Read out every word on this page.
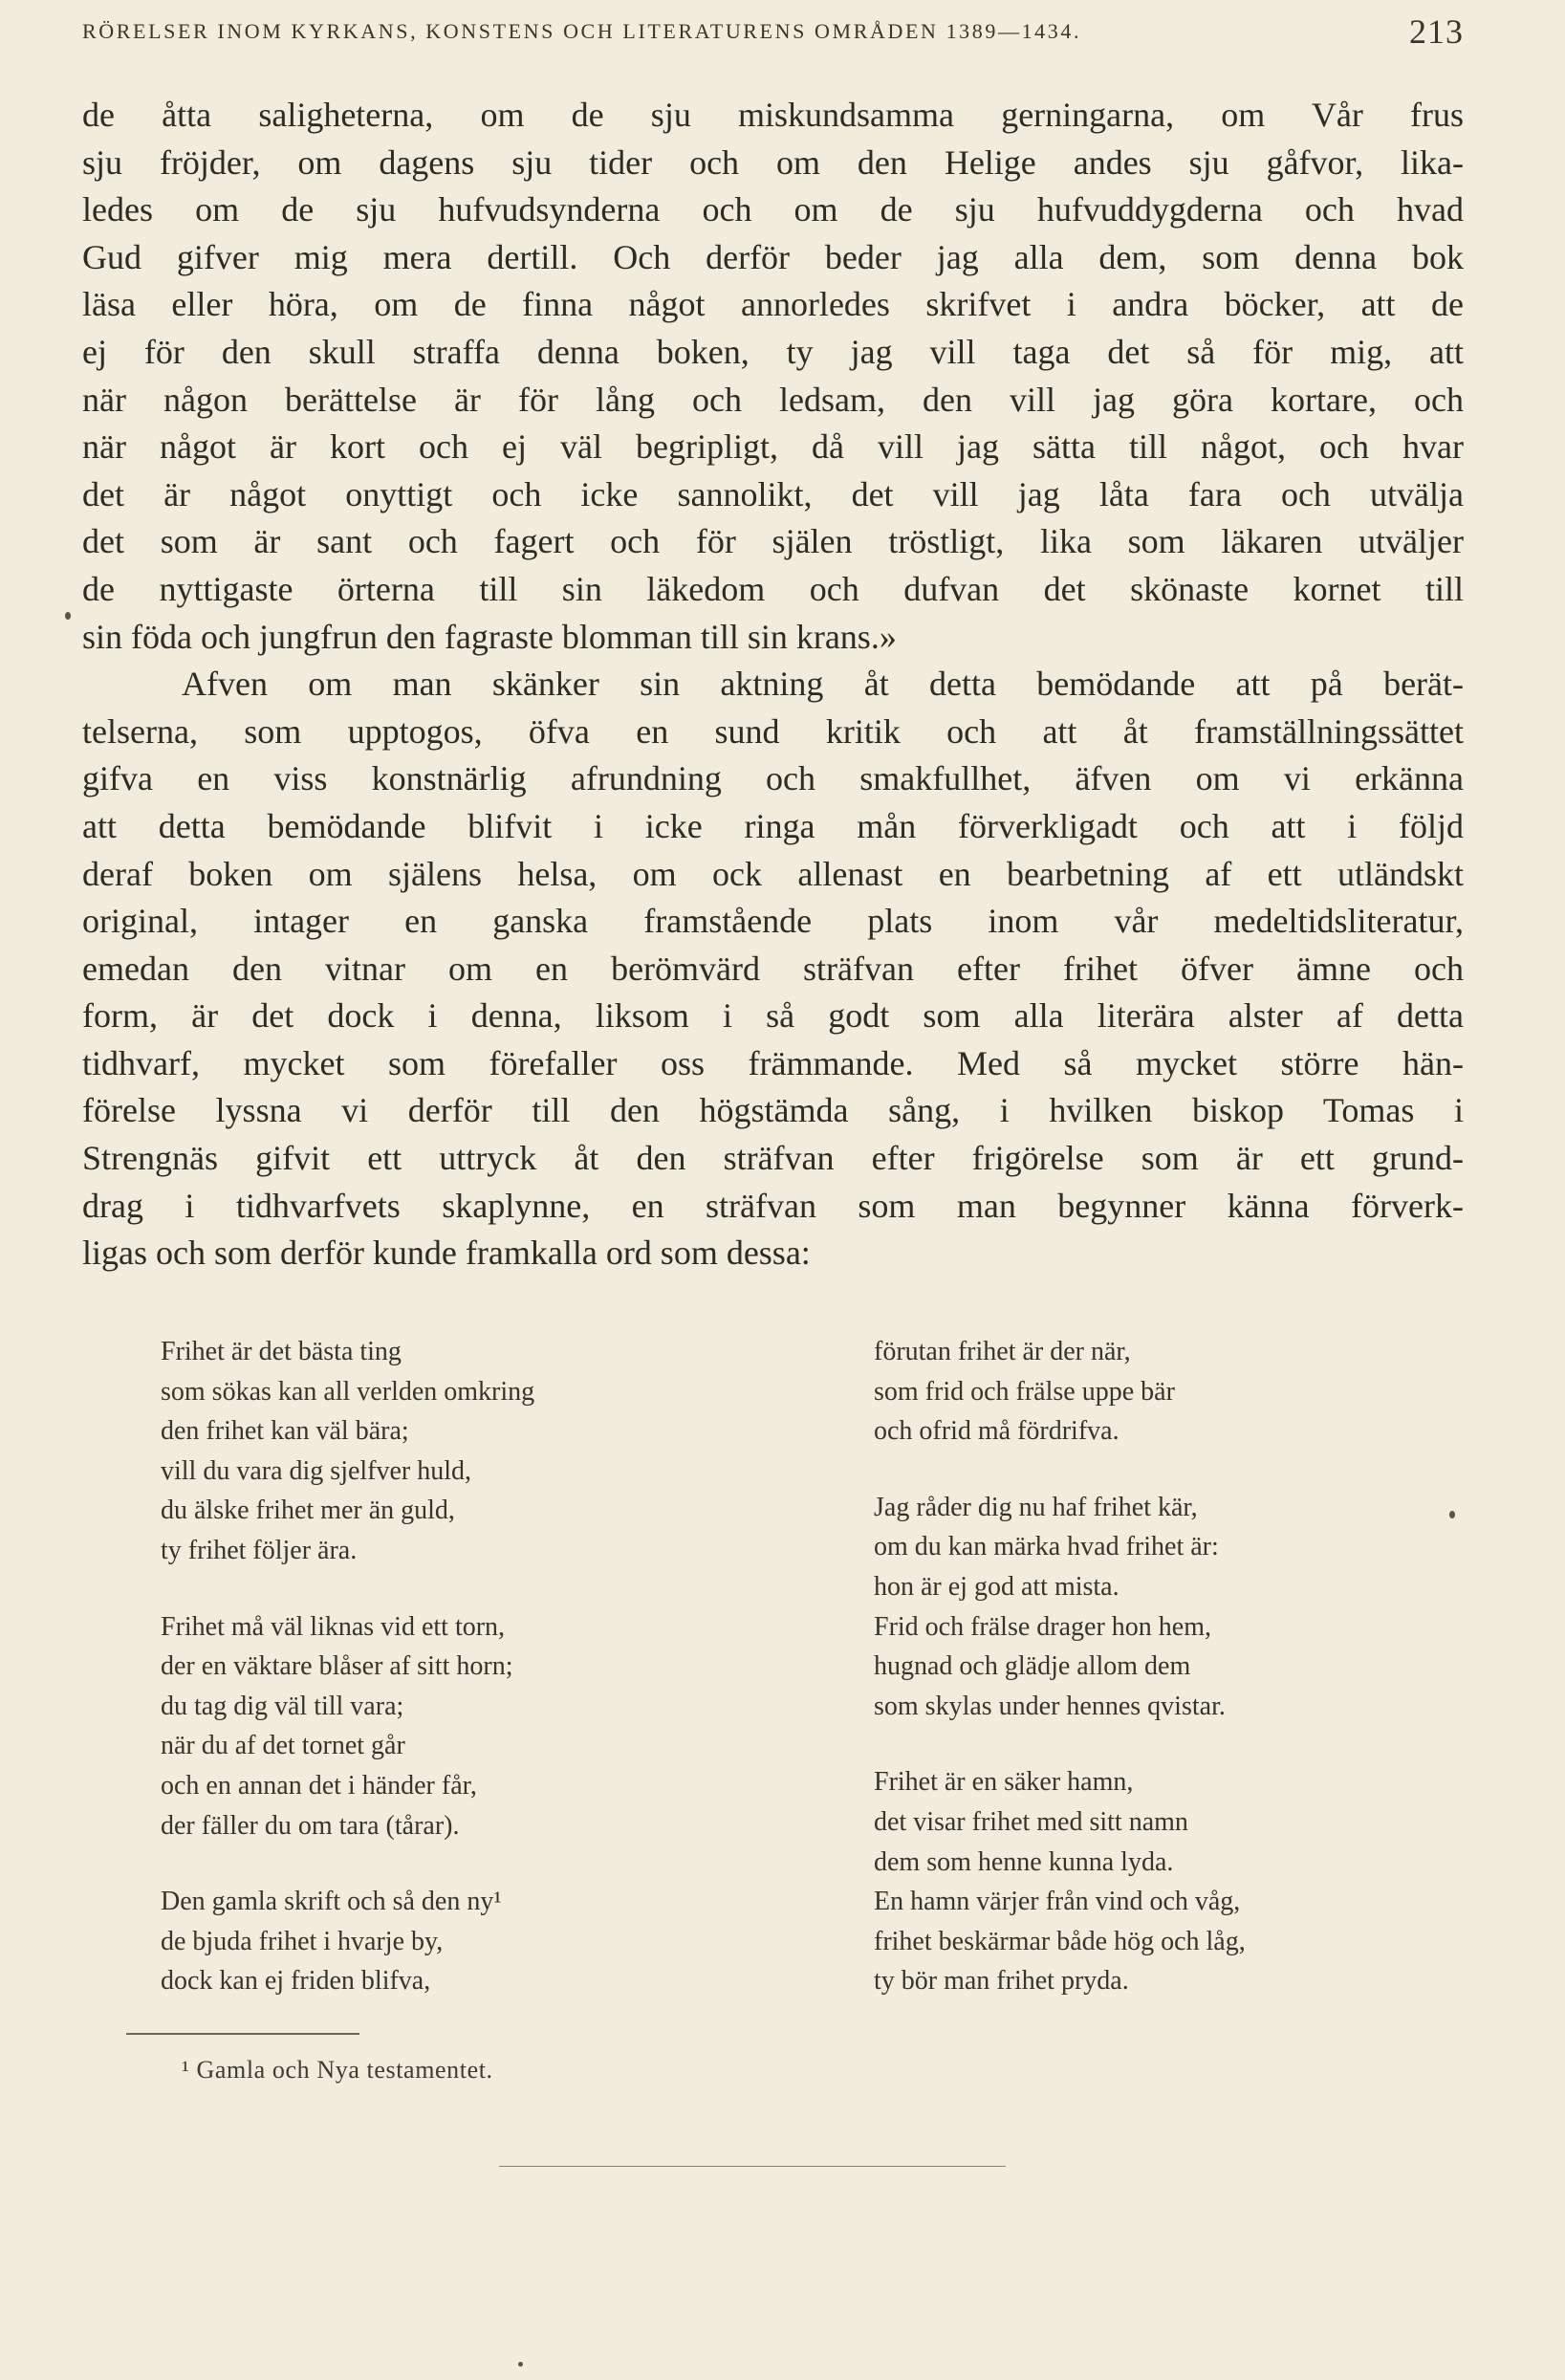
RÖRELSER INOM KYRKANS, KONSTENS OCH LITERATURENS OMRÅDEN 1389—1434.	213
de åtta saligheterna, om de sju miskundsamma gerningarna, om Vår frus
sju fröjder, om dagens sju tider och om den Helige andes sju gåfvor, lika-
ledes om de sju hufvudsynderna och om de sju hufvuddygderna och hvad
Gud gifver mig mera dertill. Och derför beder jag alla dem, som denna bok
läsa eller höra, om de finna något annorledes skrifvet i andra böcker, att de
ej för den skull straffa denna boken, ty jag vill taga det så för mig, att
när någon berättelse är för lång och ledsam, den vill jag göra kortare, och
när något är kort och ej väl begripligt, då vill jag sätta till något, och hvar
det är något onyttigt och icke sannolikt, det vill jag låta fara och utvälja
det som är sant och fagert och för själen tröstligt, lika som läkaren utväljer
de nyttigaste örterna till sin läkedom och dufvan det skönaste kornet till
sin föda och jungfrun den fagraste blomman till sin krans.»
Afven om man skänker sin aktning åt detta bemödande att på berät-
telserna, som upptogos, öfva en sund kritik och att åt framställningssättet
gifva en viss konstnärlig afrundning och smakfullhet, äfven om vi erkänna
att detta bemödande blifvit i icke ringa mån förverkligadt och att i följd
deraf boken om själens helsa, om ock allenast en bearbetning af ett utländskt
original, intager en ganska framstående plats inom vår medeltidsliteratur,
emedan den vitnar om en berömvärd sträfvan efter frihet öfver ämne och
form, är det dock i denna, liksom i så godt som alla literära alster af detta
tidhvarf, mycket som förefaller oss främmande. Med så mycket större hän-
förelse lyssna vi derför till den högstämda sång, i hvilken biskop Tomas i
Strengnäs gifvit ett uttryck åt den sträfvan efter frigörelse som är ett grund-
drag i tidhvarfvets skaplynne, en sträfvan som man begynner känna förverk-
ligas och som derför kunde framkalla ord som dessa:
Frihet är det bästa ting
som sökas kan all verlden omkring
den frihet kan väl bära;
vill du vara dig sjelfver huld,
du älske frihet mer än guld,
ty frihet följer ära.
Frihet må väl liknas vid ett torn,
der en väktare blåser af sitt horn;
du tag dig väl till vara;
när du af det tornet går
och en annan det i händer får,
der fäller du om tara (tårar).
Den gamla skrift och så den ny¹
de bjuda frihet i hvarje by,
dock kan ej friden blifva,
förutan frihet är der när,
som frid och frälse uppe bär
och ofrid må fördrifva.
Jag råder dig nu haf frihet kär,
om du kan märka hvad frihet är:
hon är ej god att mista.
Frid och frälse drager hon hem,
hugnad och glädje allom dem
som skylas under hennes qvistar.
Frihet är en säker hamn,
det visar frihet med sitt namn
dem som henne kunna lyda.
En hamn värjer från vind och våg,
frihet beskärmar både hög och låg,
ty bör man frihet pryda.
¹ Gamla och Nya testamentet.
